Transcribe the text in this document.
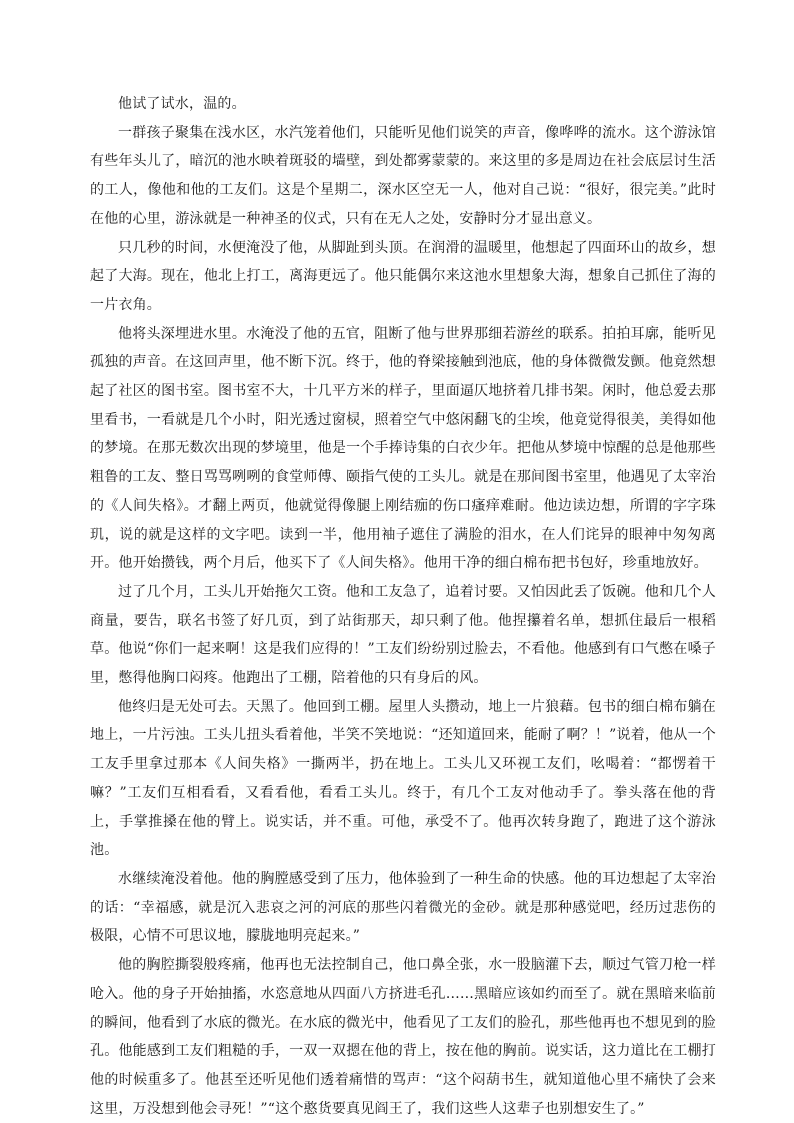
他试了试水，温的。

一群孩子聚集在浅水区，水汽笼着他们，只能听见他们说笑的声音，像哗哗的流水。这个游泳馆有些年头儿了，暗沉的池水映着斑驳的墙壁，到处都雾蒙蒙的。来这里的多是周边在社会底层讨生活的工人，像他和他的工友们。这是个星期二，深水区空无一人，他对自己说：“很好，很完美。”此时在他的心里，游泳就是一种神圣的仪式，只有在无人之处，安静时分才显出意义。

只几秒的时间，水便淹没了他，从脚趾到头顶。在润滑的温暖里，他想起了四面环山的故乡，想起了大海。现在，他北上打工，离海更远了。他只能偶尔来这池水里想象大海，想象自己抓住了海的一片衣角。

他将头深埋进水里。水淹没了他的五官，阻断了他与世界那细若游丝的联系。拍拍耳廓，能听见孤独的声音。在这回声里，他不断下沉。终于，他的脊梁接触到池底，他的身体微微发颤。他竟然想起了社区的图书室。图书室不大，十几平方米的样子，里面逼仄地挤着几排书架。闲时，他总爱去那里看书，一看就是几个小时，阳光透过窗棂，照着空气中悠闲翻飞的尘埃，他竟觉得很美，美得如他的梦境。在那无数次出现的梦境里，他是一个手捧诗集的白衣少年。把他从梦境中惊醒的总是他那些粗鲁的工友、整日骂骂咧咧的食堂师傅、颐指气使的工头儿。就是在那间图书室里，他遇见了太宰治的《人间失格》。才翻上两页，他就觉得像腿上刚结痂的伤口瘙痒难耐。他边读边想，所谓的字字珠玑，说的就是这样的文字吧。读到一半，他用袖子遮住了满脸的泪水，在人们诧异的眼神中匆匆离开。他开始攒钱，两个月后，他买下了《人间失格》。他用干净的细白棉布把书包好，珍重地放好。

过了几个月，工头儿开始拖欠工资。他和工友急了，追着讨要。又怕因此丢了饭碗。他和几个人商量，要告，联名书签了好几页，到了站街那天，却只剩了他。他捏攥着名单，想抓住最后一根稻草。他说“你们一起来啊！这是我们应得的！”工友们纷纷别过脸去，不看他。他感到有口气憋在嗓子里，憋得他胸口闷疼。他跑出了工棚，陪着他的只有身后的风。

他终归是无处可去。天黑了。他回到工棚。屋里人头攒动，地上一片狼藉。包书的细白棉布躺在地上，一片污浊。工头儿扭头看着他，半笑不笑地说：“还知道回来，能耐了啊？！”说着，他从一个工友手里拿过那本《人间失格》一撕两半，扔在地上。工头儿又环视工友们，吆喝着：“都愣着干嘛？”工友们互相看看，又看看他，看看工头儿。终于，有几个工友对他动手了。拳头落在他的背上，手掌推搡在他的臂上。说实话，并不重。可他，承受不了。他再次转身跑了，跑进了这个游泳池。

水继续淹没着他。他的胸膛感受到了压力，他体验到了一种生命的快感。他的耳边想起了太宰治的话：“幸福感，就是沉入悲哀之河的河底的那些闪着微光的金砂。就是那种感觉吧，经历过悲伤的极限，心情不可思议地，朦胧地明亮起来。”

他的胸腔撕裂般疼痛，他再也无法控制自己，他口鼻全张，水一股脑灌下去，顺过气管刀枪一样呛入。他的身子开始抽搐，水恣意地从四面八方挤进毛孔……黑暗应该如约而至了。就在黑暗来临前的瞬间，他看到了水底的微光。在水底的微光中，他看见了工友们的脸孔，那些他再也不想见到的脸孔。他能感到工友们粗糙的手，一双一双摁在他的背上，按在他的胸前。说实话，这力道比在工棚打他的时候重多了。他甚至还听见他们透着痛惜的骂声：“这个闷葫书生，就知道他心里不痛快了会来这里，万没想到他会寻死！”“这个憨货要真见阎王了，我们这些人这辈子也别想安生了。”
